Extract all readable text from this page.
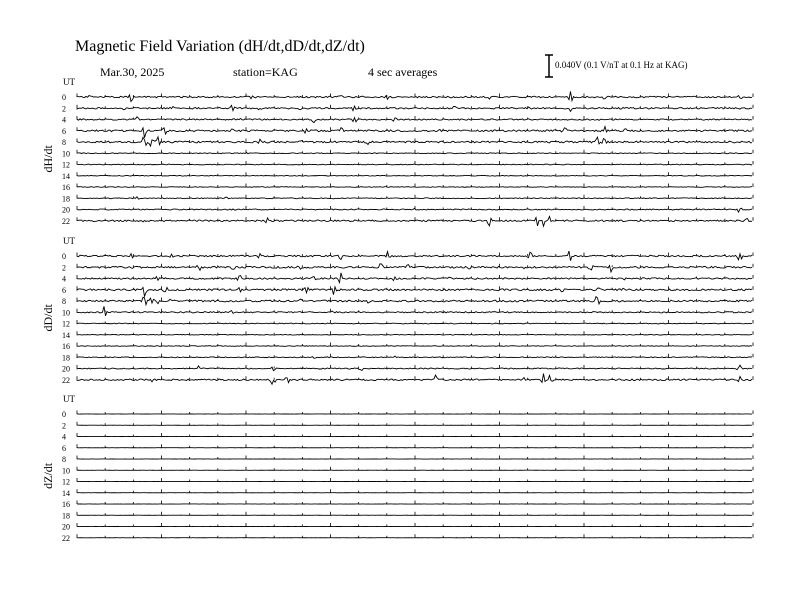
Magnetic Field Variation (dH/dt,dD/dt,dZ/dt)
Mar.30, 2025	station=KAG	4 sec averages	0.040V (0.1 V/nT at 0.1 Hz at KAG)
UT
dH/dt
0
2
4
6
8
10
12
14
16
18
20
22
UT
dD/dt
0
2
4
6
8
10
12
14
16
18
20
22
UT
dZ/dt
0
2
4
6
8
10
12
14
16
18
20
22
